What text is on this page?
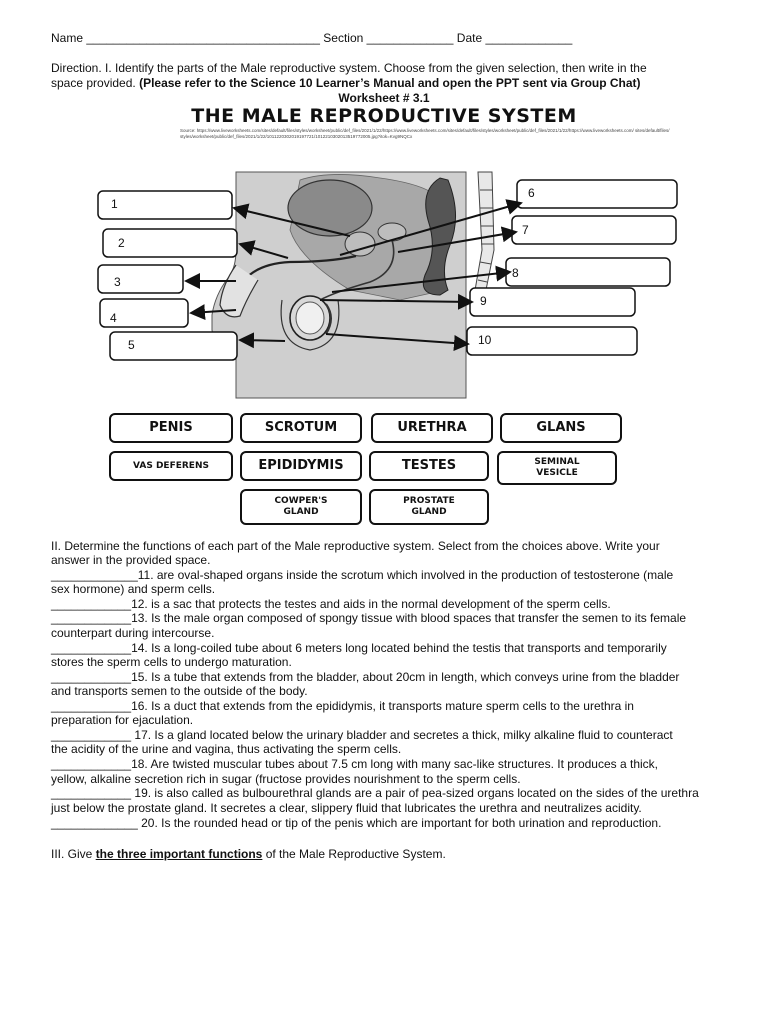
Name ___________________________________ Section _____________ Date _____________
Direction. I. Identify the parts of the Male reproductive system. Choose from the given selection, then write in the
space provided. (Please refer to the Science 10 Learner’s Manual and open the PPT sent via Group Chat)
Worksheet # 3.1
THE MALE REPRODUCTIVE SYSTEM
Source: https://www.liveworksheets.com/sites/default/files/styles/worksheet/public/def_files/2021/1/22/https://www.liveworksheets.com/sites/default/files/styles/worksheet/public/def_files/2021/1/22/https://www.liveworksheets.com/ sites/default/files/styles/worksheet/public/def_files/2021/1/22/1011220302019197721/1012210302013519772005.jpg?itok=Kvg9NQCx
1
2
3
4
5
6
7
8
9
10
PENIS	SCROTUM	URETHRA	GLANS
VAS DEFERENS	EPIDIDYMIS	TESTES	SEMINAL
VESICLE
COWPER'S
GLAND
PROSTATE
GLAND
II. Determine the functions of each part of the Male reproductive system. Select from the choices above. Write your
answer in the provided space.
_____________11. are oval-shaped organs inside the scrotum which involved in the production of testosterone (male
sex hormone) and sperm cells.
____________12. is a sac that protects the testes and aids in the normal development of the sperm cells.
____________13. Is the male organ composed of spongy tissue with blood spaces that transfer the semen to its female
counterpart during intercourse.
____________14. Is a long-coiled tube about 6 meters long located behind the testis that transports and temporarily
stores the sperm cells to undergo maturation.
____________15. Is a tube that extends from the bladder, about 20cm in length, which conveys urine from the bladder
and transports semen to the outside of the body.
____________16. Is a duct that extends from the epididymis, it transports mature sperm cells to the urethra in
preparation for ejaculation.
____________ 17. Is a gland located below the urinary bladder and secretes a thick, milky alkaline fluid to counteract
the acidity of the urine and vagina, thus activating the sperm cells.
____________18. Are twisted muscular tubes about 7.5 cm long with many sac-like structures. It produces a thick,
yellow, alkaline secretion rich in sugar (fructose provides nourishment to the sperm cells.
____________ 19. is also called as bulbourethral glands are a pair of pea-sized organs located on the sides of the urethra
just below the prostate gland. It secretes a clear, slippery fluid that lubricates the urethra and neutralizes acidity.
_____________ 20. Is the rounded head or tip of the penis which are important for both urination and reproduction.
III. Give the three important functions of the Male Reproductive System.
